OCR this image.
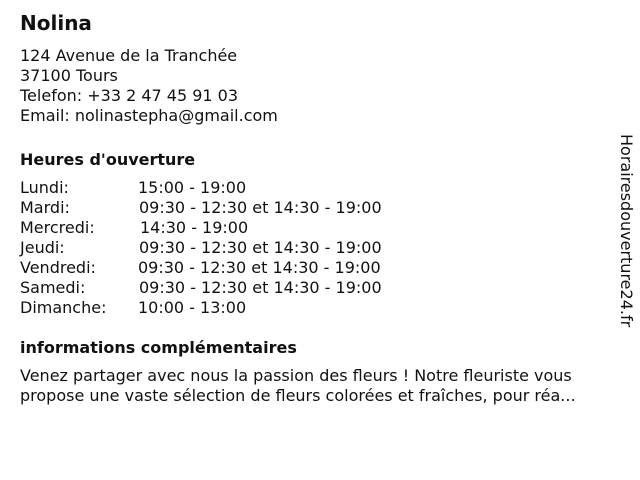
Nolina
124 Avenue de la Tranchée
37100 Tours
Telefon: +33 2 47 45 91 03
Email: nolinastepha@gmail.com
Heures d'ouverture
Lundi:	15:00 - 19:00
Mardi:	09:30 - 12:30 et 14:30 - 19:00
Mercredi:	14:30 - 19:00
Jeudi:	09:30 - 12:30 et 14:30 - 19:00
Vendredi:	09:30 - 12:30 et 14:30 - 19:00
Samedi:	09:30 - 12:30 et 14:30 - 19:00
Dimanche: 10:00 - 13:00
informations complémentaires
Venez partager avec nous la passion des fleurs ! Notre fleuriste vous
propose une vaste sélection de fleurs colorées et fraîches, pour réa...
Horairesdouverture24.fr
